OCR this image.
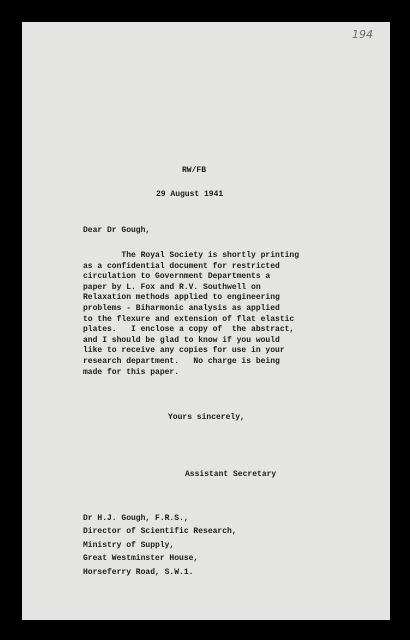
194
RW/FB
29 August 1941
Dear Dr Gough,
The Royal Society is shortly printing
as a confidential document for restricted
circulation to Government Departments a
paper by L. Fox and R.V. Southwell on
Relaxation methods applied to engineering
problems - Biharmonic analysis as applied
to the flexure and extension of flat elastic
plates.   I enclose a copy of  the abstract,
and I should be glad to know if you would
like to receive any copies for use in your
research department.   No charge is being
made for this paper.
Yours sincerely,
Assistant Secretary
Dr H.J. Gough, F.R.S.,
Director of Scientific Research,
Ministry of Supply,
Great Westminster House,
Horseferry Road, S.W.1.
